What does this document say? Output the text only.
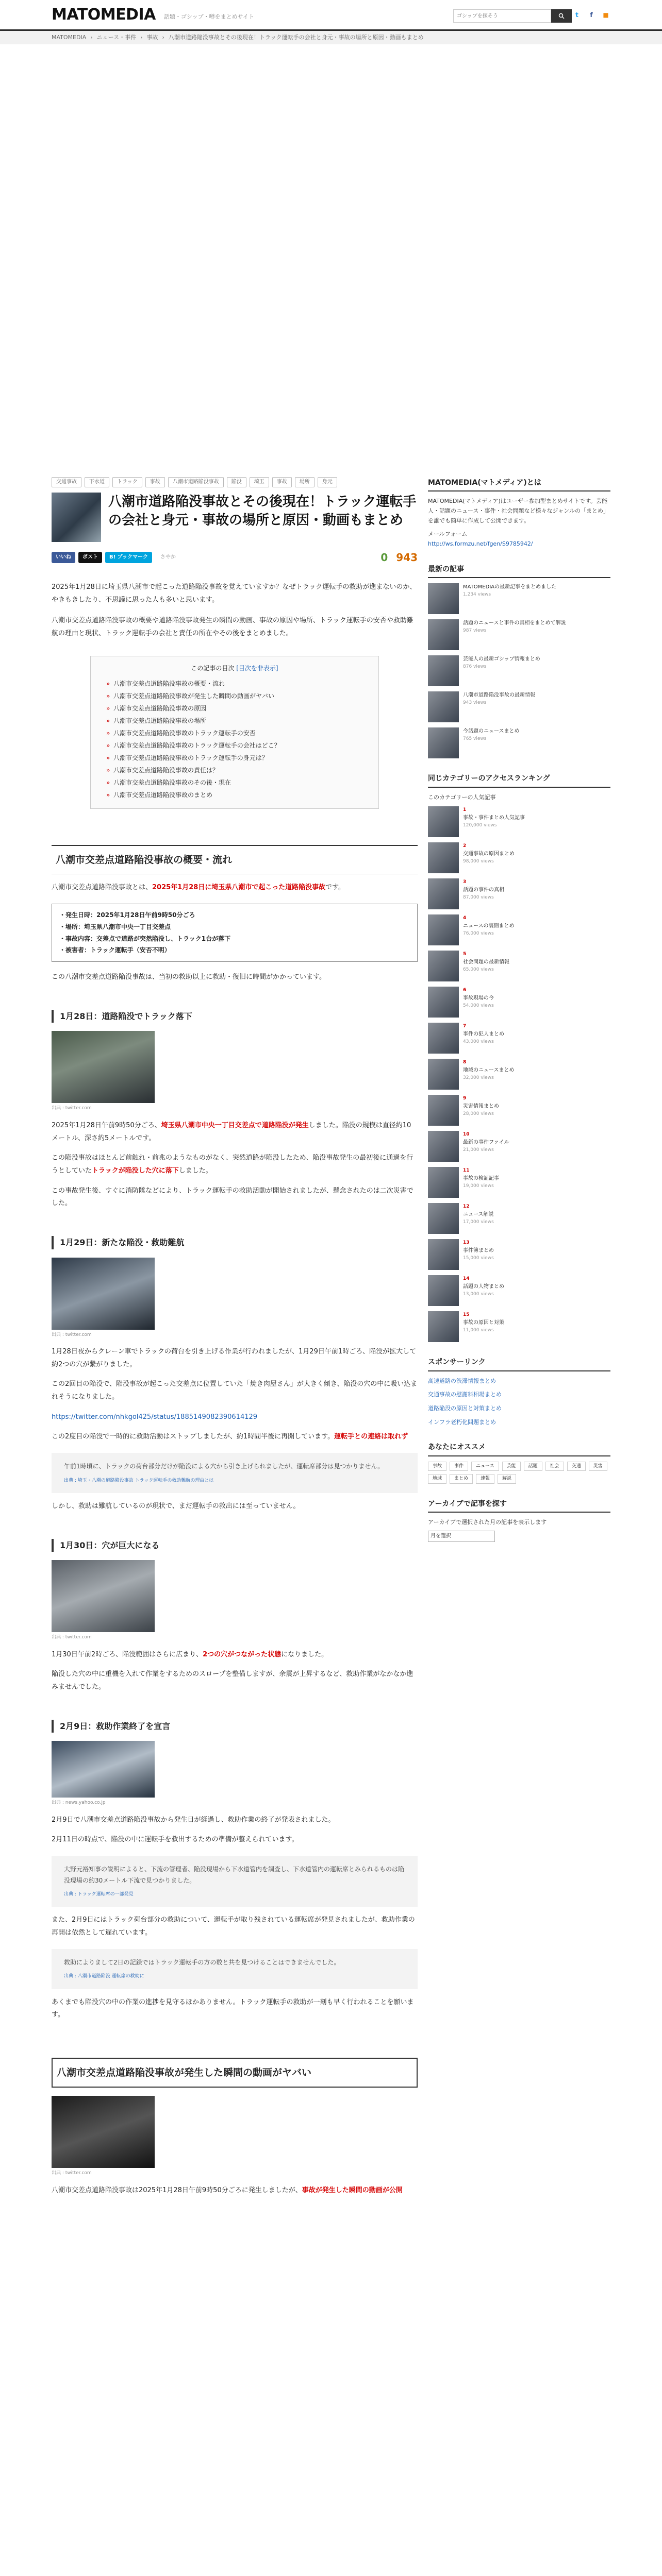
MATOMEDIA 話題・ゴシップ・噂をまとめサイト
ゴシップを探そう	t	f	■
MATOMEDIA › ニュース・事件 › 事故 › 八潮市道路陥没事故とその後現在！トラック運転手の会社と身元・事故の場所と原因・動画もまとめ
交通事故	下水道	トラック	事故	八潮市道路陥没事故	陥没	埼玉	事故	場所	身元
八潮市道路陥没事故とその後現在！トラック運転手の会社と身元・事故の場所と原因・動画もまとめ
いいね	ポスト	B! ブックマーク	さやか	0 943

2025年1月28日に埼玉県八潮市で起こった道路陥没事故を覚えていますか？なぜトラック運転手の救助が進まないのか、やきもきしたり、不思議に思った人も多いと思います。

八潮市交差点道路陥没事故の概要や道路陥没事故発生の瞬間の動画、事故の原因や場所、トラック運転手の安否や救助難航の理由と現状、トラック運転手の会社と責任の所在やその後をまとめました。

この記事の目次 [目次を非表示]
» 八潮市交差点道路陥没事故の概要・流れ
» 八潮市交差点道路陥没事故が発生した瞬間の動画がヤバい
» 八潮市交差点道路陥没事故の原因
» 八潮市交差点道路陥没事故の場所
» 八潮市交差点道路陥没事故のトラック運転手の安否
» 八潮市交差点道路陥没事故のトラック運転手の会社はどこ？
» 八潮市交差点道路陥没事故のトラック運転手の身元は？
» 八潮市交差点道路陥没事故の責任は？
» 八潮市交差点道路陥没事故のその後・現在
» 八潮市交差点道路陥没事故のまとめ
八潮市交差点道路陥没事故の概要・流れ

八潮市交差点道路陥没事故とは、2025年1月28日に埼玉県八潮市で起こった道路陥没事故です。

・発生日時：2025年1月28日午前9時50分ごろ
・場所：埼玉県八潮市中央一丁目交差点
・事故内容：交差点で道路が突然陥没し、トラック1台が落下
・被害者：トラック運転手（安否不明）

この八潮市交差点道路陥没事故は、当初の救助以上に救助・復旧に時間がかかっています。

1月28日：道路陥没でトラック落下
出典 : twitter.com

2025年1月28日午前9時50分ごろ、埼玉県八潮市中央一丁目交差点で道路陥没が発生しました。陥没の規模は直径約10メートル、深さ約5メートルです。

この陥没事故はほとんど前触れ・前兆のようなものがなく、突然道路が陥没したため、陥没事故発生の最初後に通過を行うとしていたトラックが陥没した穴に落下しました。

この事故発生後、すぐに消防隊などにより、トラック運転手の救助活動が開始されましたが、懸念されたのは二次災害でした。

1月29日：新たな陥没・救助難航
出典 : twitter.com

1月28日夜からクレーン車でトラックの荷台を引き上げる作業が行われましたが、1月29日午前1時ごろ、陥没が拡大して約2つの穴が繋がりました。

この2回目の陥没で、陥没事故が起こった交差点に位置していた「焼き肉屋さん」が大きく傾き、陥没の穴の中に吸い込まれそうになりました。

https://twitter.com/nhkgol425/status/1885149082390614129

この2度目の陥没で一時的に救助活動はストップしましたが、約1時間半後に再開しています。運転手との連絡は取れず

午前1時頃に、トラックの荷台部分だけが陥没による穴から引き上げられましたが、運転席部分は見つかりません。
出典 : 埼玉・八潮の道路陥没事故 トラック運転手の救助難航の理由とは

しかし、救助は難航しているのが現状で、まだ運転手の救出には至っていません。

1月30日：穴が巨大になる
出典 : twitter.com

1月30日午前2時ごろ、陥没範囲はさらに広まり、2つの穴がつながった状態になりました。

陥没した穴の中に重機を入れて作業をするためのスロープを整備しますが、余震が上昇するなど、救助作業がなかなか進みませんでした。

2月9日：救助作業終了を宣言
出典 : news.yahoo.co.jp

2月9日で八潮市交差点道路陥没事故から発生日が経過し、救助作業の終了が発表されました。

2月11日の時点で、陥没の中に運転手を救出するための準備が整えられています。

大野元裕知事の説明によると、下流の管理者、陥没現場から下水道管内を調査し、下水道管内の運転席とみられるものは陥没現場の約30メートル下流で見つかりました。
出典 : トラック運転席の一部発見

また、2月9日にはトラック荷台部分の救助について、運転手が取り残されている運転席が発見されましたが、救助作業の再開は依然として遅れています。

救助によりまして2日の記録ではトラック運転手の方の数と共を見つけることはできませんでした。
出典 : 八潮市道路陥没 運転席の救助に

あくまでも陥没穴の中の作業の進捗を見守るほかありません。トラック運転手の救助が一刻も早く行われることを願います。

八潮市交差点道路陥没事故が発生した瞬間の動画がヤバい
出典 : twitter.com

八潮市交差点道路陥没事故は2025年1月28日午前9時50分ごろに発生しましたが、事故が発生した瞬間の動画が公開

MATOMEDIA(マトメディア)とは
MATOMEDIA(マトメディア)はユーザー参加型まとめサイトです。芸能人・話題のニュース・事件・社会問題など様々なジャンルの「まとめ」を誰でも簡単に作成して公開できます。
メールフォーム
http://ws.formzu.net/fgen/S9785942/
最新の記事
MATOMEDIAの最新記事をまとめました
1,234 views
話題のニュースと事件の真相をまとめて解説
987 views
芸能人の最新ゴシップ情報まとめ
876 views
八潮市道路陥没事故の最新情報
943 views
今話題のニュースまとめ
765 views
同じカテゴリーのアクセスランキング
このカテゴリーの人気記事
1
事故・事件まとめ人気記事
120,000 views
2
交通事故の原因まとめ
98,000 views
3
話題の事件の真相
87,000 views
4
ニュースの裏側まとめ
76,000 views
5
社会問題の最新情報
65,000 views
6
事故現場の今
54,000 views
7
事件の犯人まとめ
43,000 views
8
地域のニュースまとめ
32,000 views
9
災害情報まとめ
28,000 views
10
最新の事件ファイル
21,000 views
11
事故の検証記事
19,000 views
12
ニュース解説
17,000 views
13
事件簿まとめ
15,000 views
14
話題の人物まとめ
13,000 views
15
事故の原因と対策
11,000 views
スポンサーリンク
高速道路の渋滞情報まとめ
交通事故の慰謝料相場まとめ
道路陥没の原因と対策まとめ
インフラ老朽化問題まとめ
あなたにオススメ
事故	事件	ニュース	芸能	話題	社会	交通	災害
地域	まとめ	速報	解説
アーカイブで記事を探す
アーカイブで選択された月の記事を表示します
月を選択
